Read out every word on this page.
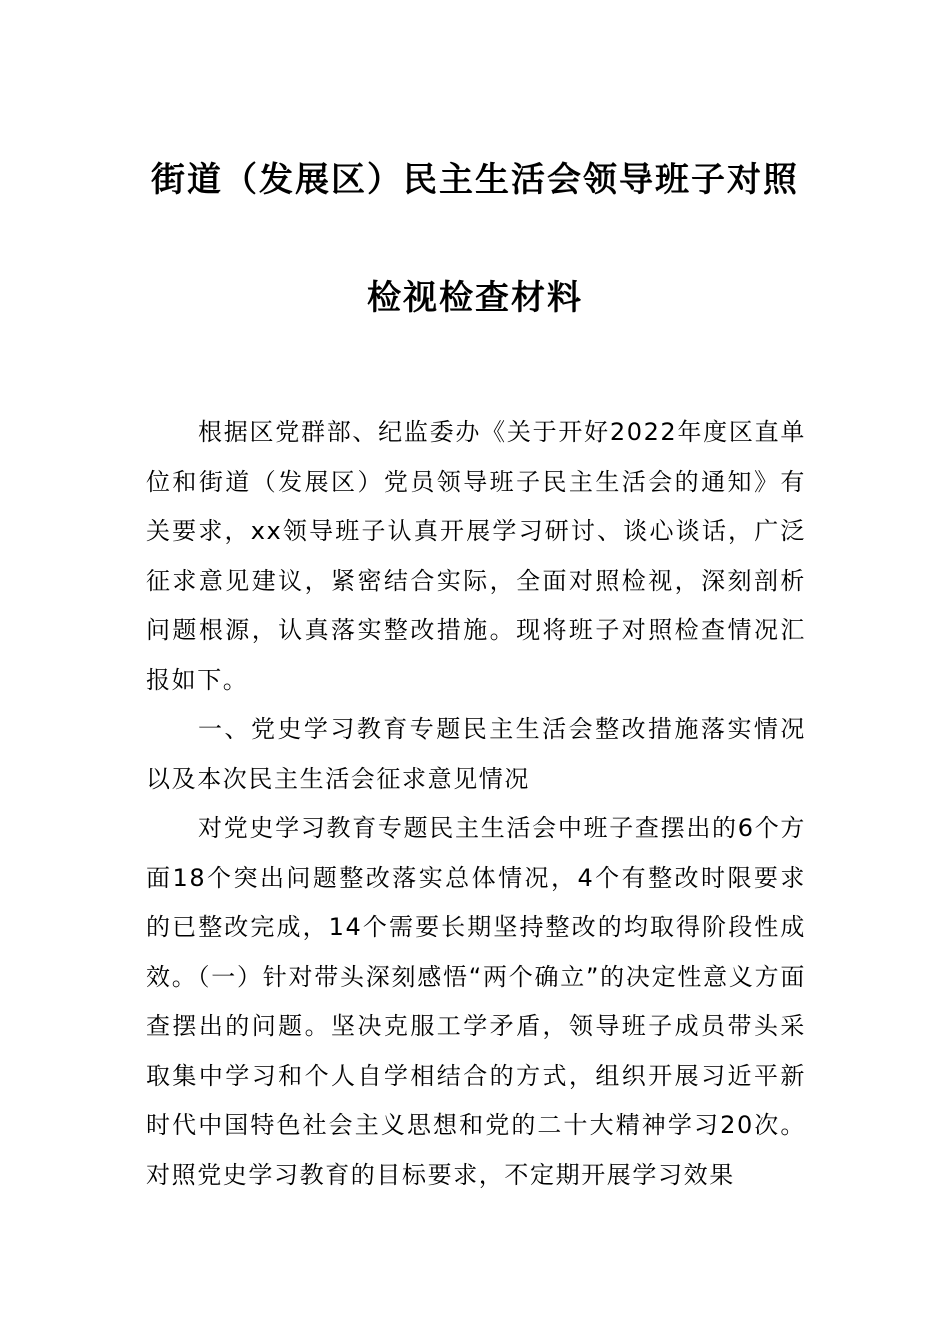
街道（发展区）民主生活会领导班子对照
检视检查材料

根据区党群部、纪监委办《关于开好2022年度区直单位和街道（发展区）党员领导班子民主生活会的通知》有关要求，xx领导班子认真开展学习研讨、谈心谈话，广泛征求意见建议，紧密结合实际，全面对照检视，深刻剖析问题根源，认真落实整改措施。现将班子对照检查情况汇报如下。

一、党史学习教育专题民主生活会整改措施落实情况以及本次民主生活会征求意见情况

对党史学习教育专题民主生活会中班子查摆出的6个方面18个突出问题整改落实总体情况，4个有整改时限要求的已整改完成，14个需要长期坚持整改的均取得阶段性成效。（一）针对带头深刻感悟“两个确立”的决定性意义方面查摆出的问题。坚决克服工学矛盾，领导班子成员带头采取集中学习和个人自学相结合的方式，组织开展习近平新时代中国特色社会主义思想和党的二十大精神学习20次。对照党史学习教育的目标要求，不定期开展学习效果
